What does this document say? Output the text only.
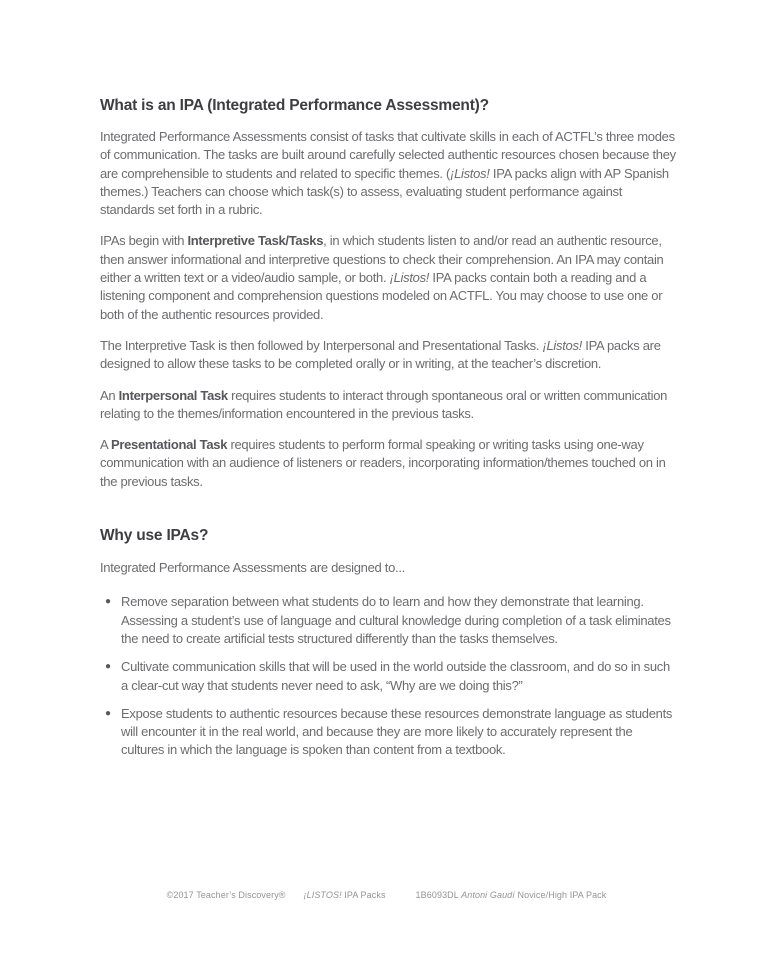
What is an IPA (Integrated Performance Assessment)?

Integrated Performance Assessments consist of tasks that cultivate skills in each of ACTFL’s three modes of communication. The tasks are built around carefully selected authentic resources chosen because they are comprehensible to students and related to specific themes. (¡Listos! IPA packs align with AP Spanish themes.) Teachers can choose which task(s) to assess, evaluating student performance against standards set forth in a rubric.

IPAs begin with Interpretive Task/Tasks, in which students listen to and/or read an authentic resource, then answer informational and interpretive questions to check their comprehension. An IPA may contain either a written text or a video/audio sample, or both. ¡Listos! IPA packs contain both a reading and a listening component and comprehension questions modeled on ACTFL. You may choose to use one or both of the authentic resources provided.

The Interpretive Task is then followed by Interpersonal and Presentational Tasks. ¡Listos! IPA packs are designed to allow these tasks to be completed orally or in writing, at the teacher’s discretion.

An Interpersonal Task requires students to interact through spontaneous oral or written communication relating to the themes/information encountered in the previous tasks.

A Presentational Task requires students to perform formal speaking or writing tasks using one-way communication with an audience of listeners or readers, incorporating information/themes touched on in the previous tasks.

Why use IPAs?

Integrated Performance Assessments are designed to...

● Remove separation between what students do to learn and how they demonstrate that learning. Assessing a student’s use of language and cultural knowledge during completion of a task eliminates the need to create artificial tests structured differently than the tasks themselves.
● Cultivate communication skills that will be used in the world outside the classroom, and do so in such a clear-cut way that students never need to ask, “Why are we doing this?”
● Expose students to authentic resources because these resources demonstrate language as students will encounter it in the real world, and because they are more likely to accurately represent the cultures in which the language is spoken than content from a textbook.
©2017 Teacher’s Discovery® ¡LISTOS! IPA Packs	1B6093DL Antoni Gaudí Novice/High IPA Pack
